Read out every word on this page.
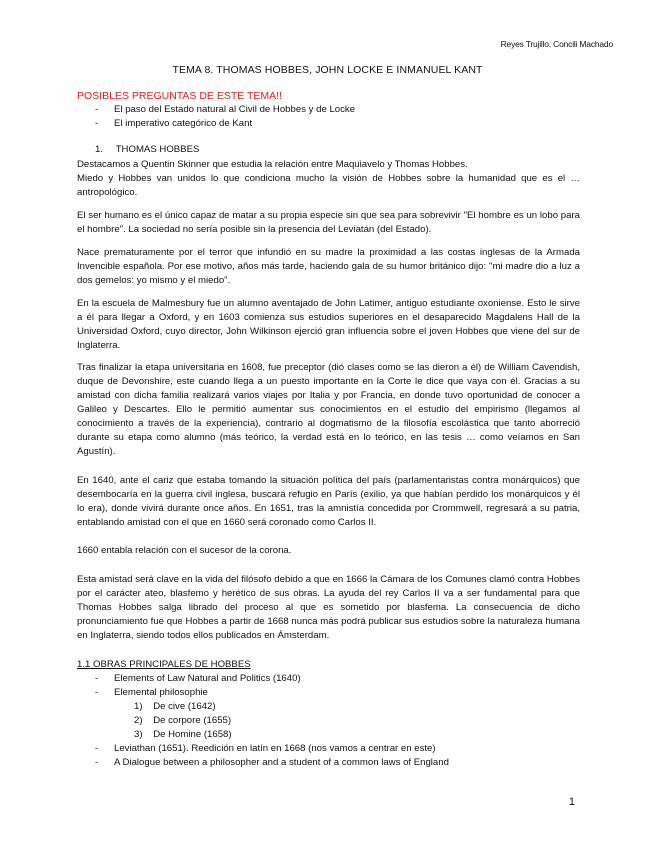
Reyes Trujillo. Concili Machado
TEMA 8. THOMAS HOBBES, JOHN LOCKE E INMANUEL KANT
POSIBLES PREGUNTAS DE ESTE TEMA!!
-	El paso del Estado natural al Civil de Hobbes y de Locke
-	El imperativo categórico de Kant
1. THOMAS HOBBES
Destacamos a Quentin Skinner que estudia la relación entre Maquiavelo y Thomas Hobbes.
Miedo y Hobbes van unidos lo que condiciona mucho la visión de Hobbes sobre la humanidad que es el … antropológico.
El ser humano es el único capaz de matar a su propia especie sin que sea para sobrevivir "El hombre es un lobo para el hombre". La sociedad no sería posible sin la presencia del Leviatán (del Estado).
Nace prematuramente por el terror que infundió en su madre la proximidad a las costas inglesas de la Armada Invencible española. Por ese motivo, años más tarde, haciendo gala de su humor británico dijo: "mi madre dio a luz a dos gemelos: yo mismo y el miedo".
En la escuela de Malmesbury fue un alumno aventajado de John Latimer, antiguo estudiante oxoniense. Esto le sirve a él para llegar a Oxford, y en 1603 comienza sus estudios superiores en el desaparecido Magdalens Hall de la Universidad Oxford, cuyo director, John Wilkinson ejerció gran influencia sobre el joven Hobbes que viene del sur de Inglaterra.
Tras finalizar la etapa universitaria en 1608, fue preceptor (dió clases como se las dieron a él) de William Cavendish, duque de Devonshire, este cuando llega a un puesto importante en la Corte le dice que vaya con él. Gracias a su amistad con dicha familia realizará varios viajes por Italia y por Francia, en donde tuvo oportunidad de conocer a Galileo y Descartes. Ello le permitió aumentar sus conocimientos en el estudio del empirismo (llegamos al conocimiento a través de la experiencia), contrario al dogmatismo de la filosofía escolástica que tanto aborreció durante su etapa como alumno (más teórico, la verdad está en lo teórico, en las tesis … como veíamos en San Agustín).
En 1640, ante el cariz que estaba tomando la situación política del país (parlamentaristas contra monárquicos) que desembocaría en la guerra civil inglesa, buscará refugio en París (exilio, ya que habían perdido los monárquicos y él lo era), donde vivirá durante once años. En 1651, tras la amnistía concedida por Crommwell, regresará a su patria, entablando amistad con el que en 1660 será coronado como Carlos II.
1660 entabla relación con el sucesor de la corona.
Esta amistad será clave en la vida del filósofo debido a que en 1666 la Cámara de los Comunes clamó contra Hobbes por el carácter ateo, blasfemo y herético de sus obras. La ayuda del rey Carlos II va a ser fundamental para que Thomas Hobbes salga librado del proceso al que es sometido por blasfema. La consecuencia de dicho pronunciamiento fue que Hobbes a partir de 1668 nunca más podrá publicar sus estudios sobre la naturaleza humana en Inglaterra, siendo todos ellos publicados en Ámsterdam.
1.1 OBRAS PRINCIPALES DE HOBBES
-	Elements of Law Natural and Politics (1640)
-	Elemental philosophie
1) De cive (1642)
2) De corpore (1655)
3) De Homine (1658)
-	Leviathan (1651). Reedición en latín en 1668 (nos vamos a centrar en este)
-	A Dialogue between a philosopher and a student of a common laws of England
1
